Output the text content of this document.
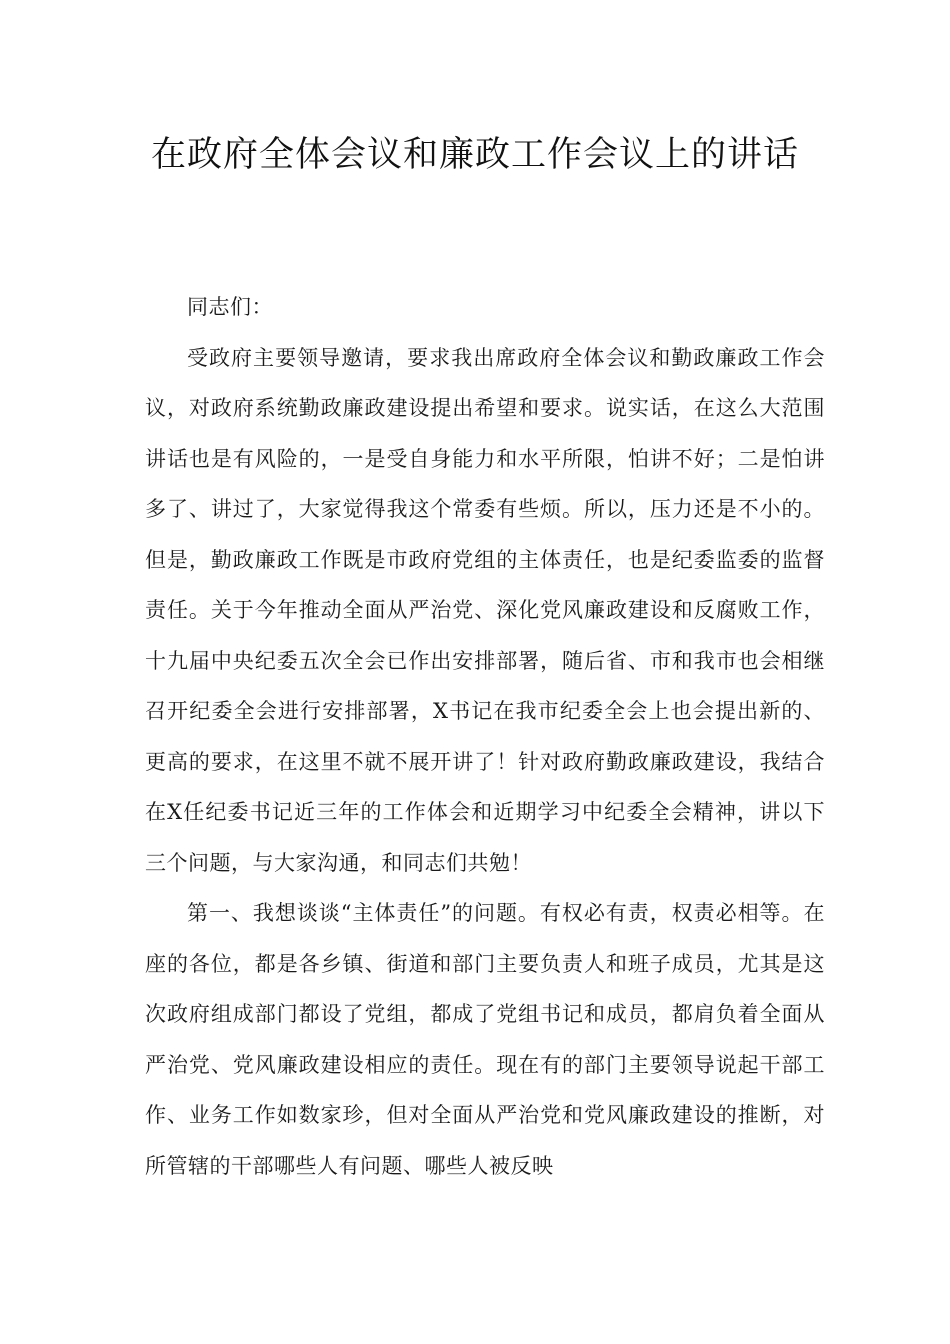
在政府全体会议和廉政工作会议上的讲话

同志们：

受政府主要领导邀请，要求我出席政府全体会议和勤政廉政工作会议，对政府系统勤政廉政建设提出希望和要求。说实话，在这么大范围讲话也是有风险的，一是受自身能力和水平所限，怕讲不好；二是怕讲多了、讲过了，大家觉得我这个常委有些烦。所以，压力还是不小的。但是，勤政廉政工作既是市政府党组的主体责任，也是纪委监委的监督责任。关于今年推动全面从严治党、深化党风廉政建设和反腐败工作，十九届中央纪委五次全会已作出安排部署，随后省、市和我市也会相继召开纪委全会进行安排部署，X书记在我市纪委全会上也会提出新的、更高的要求，在这里不就不展开讲了！针对政府勤政廉政建设，我结合在X任纪委书记近三年的工作体会和近期学习中纪委全会精神，讲以下三个问题，与大家沟通，和同志们共勉！

第一、我想谈谈“主体责任”的问题。有权必有责，权责必相等。在座的各位，都是各乡镇、街道和部门主要负责人和班子成员，尤其是这次政府组成部门都设了党组，都成了党组书记和成员，都肩负着全面从严治党、党风廉政建设相应的责任。现在有的部门主要领导说起干部工作、业务工作如数家珍，但对全面从严治党和党风廉政建设的推断，对所管辖的干部哪些人有问题、哪些人被反映
